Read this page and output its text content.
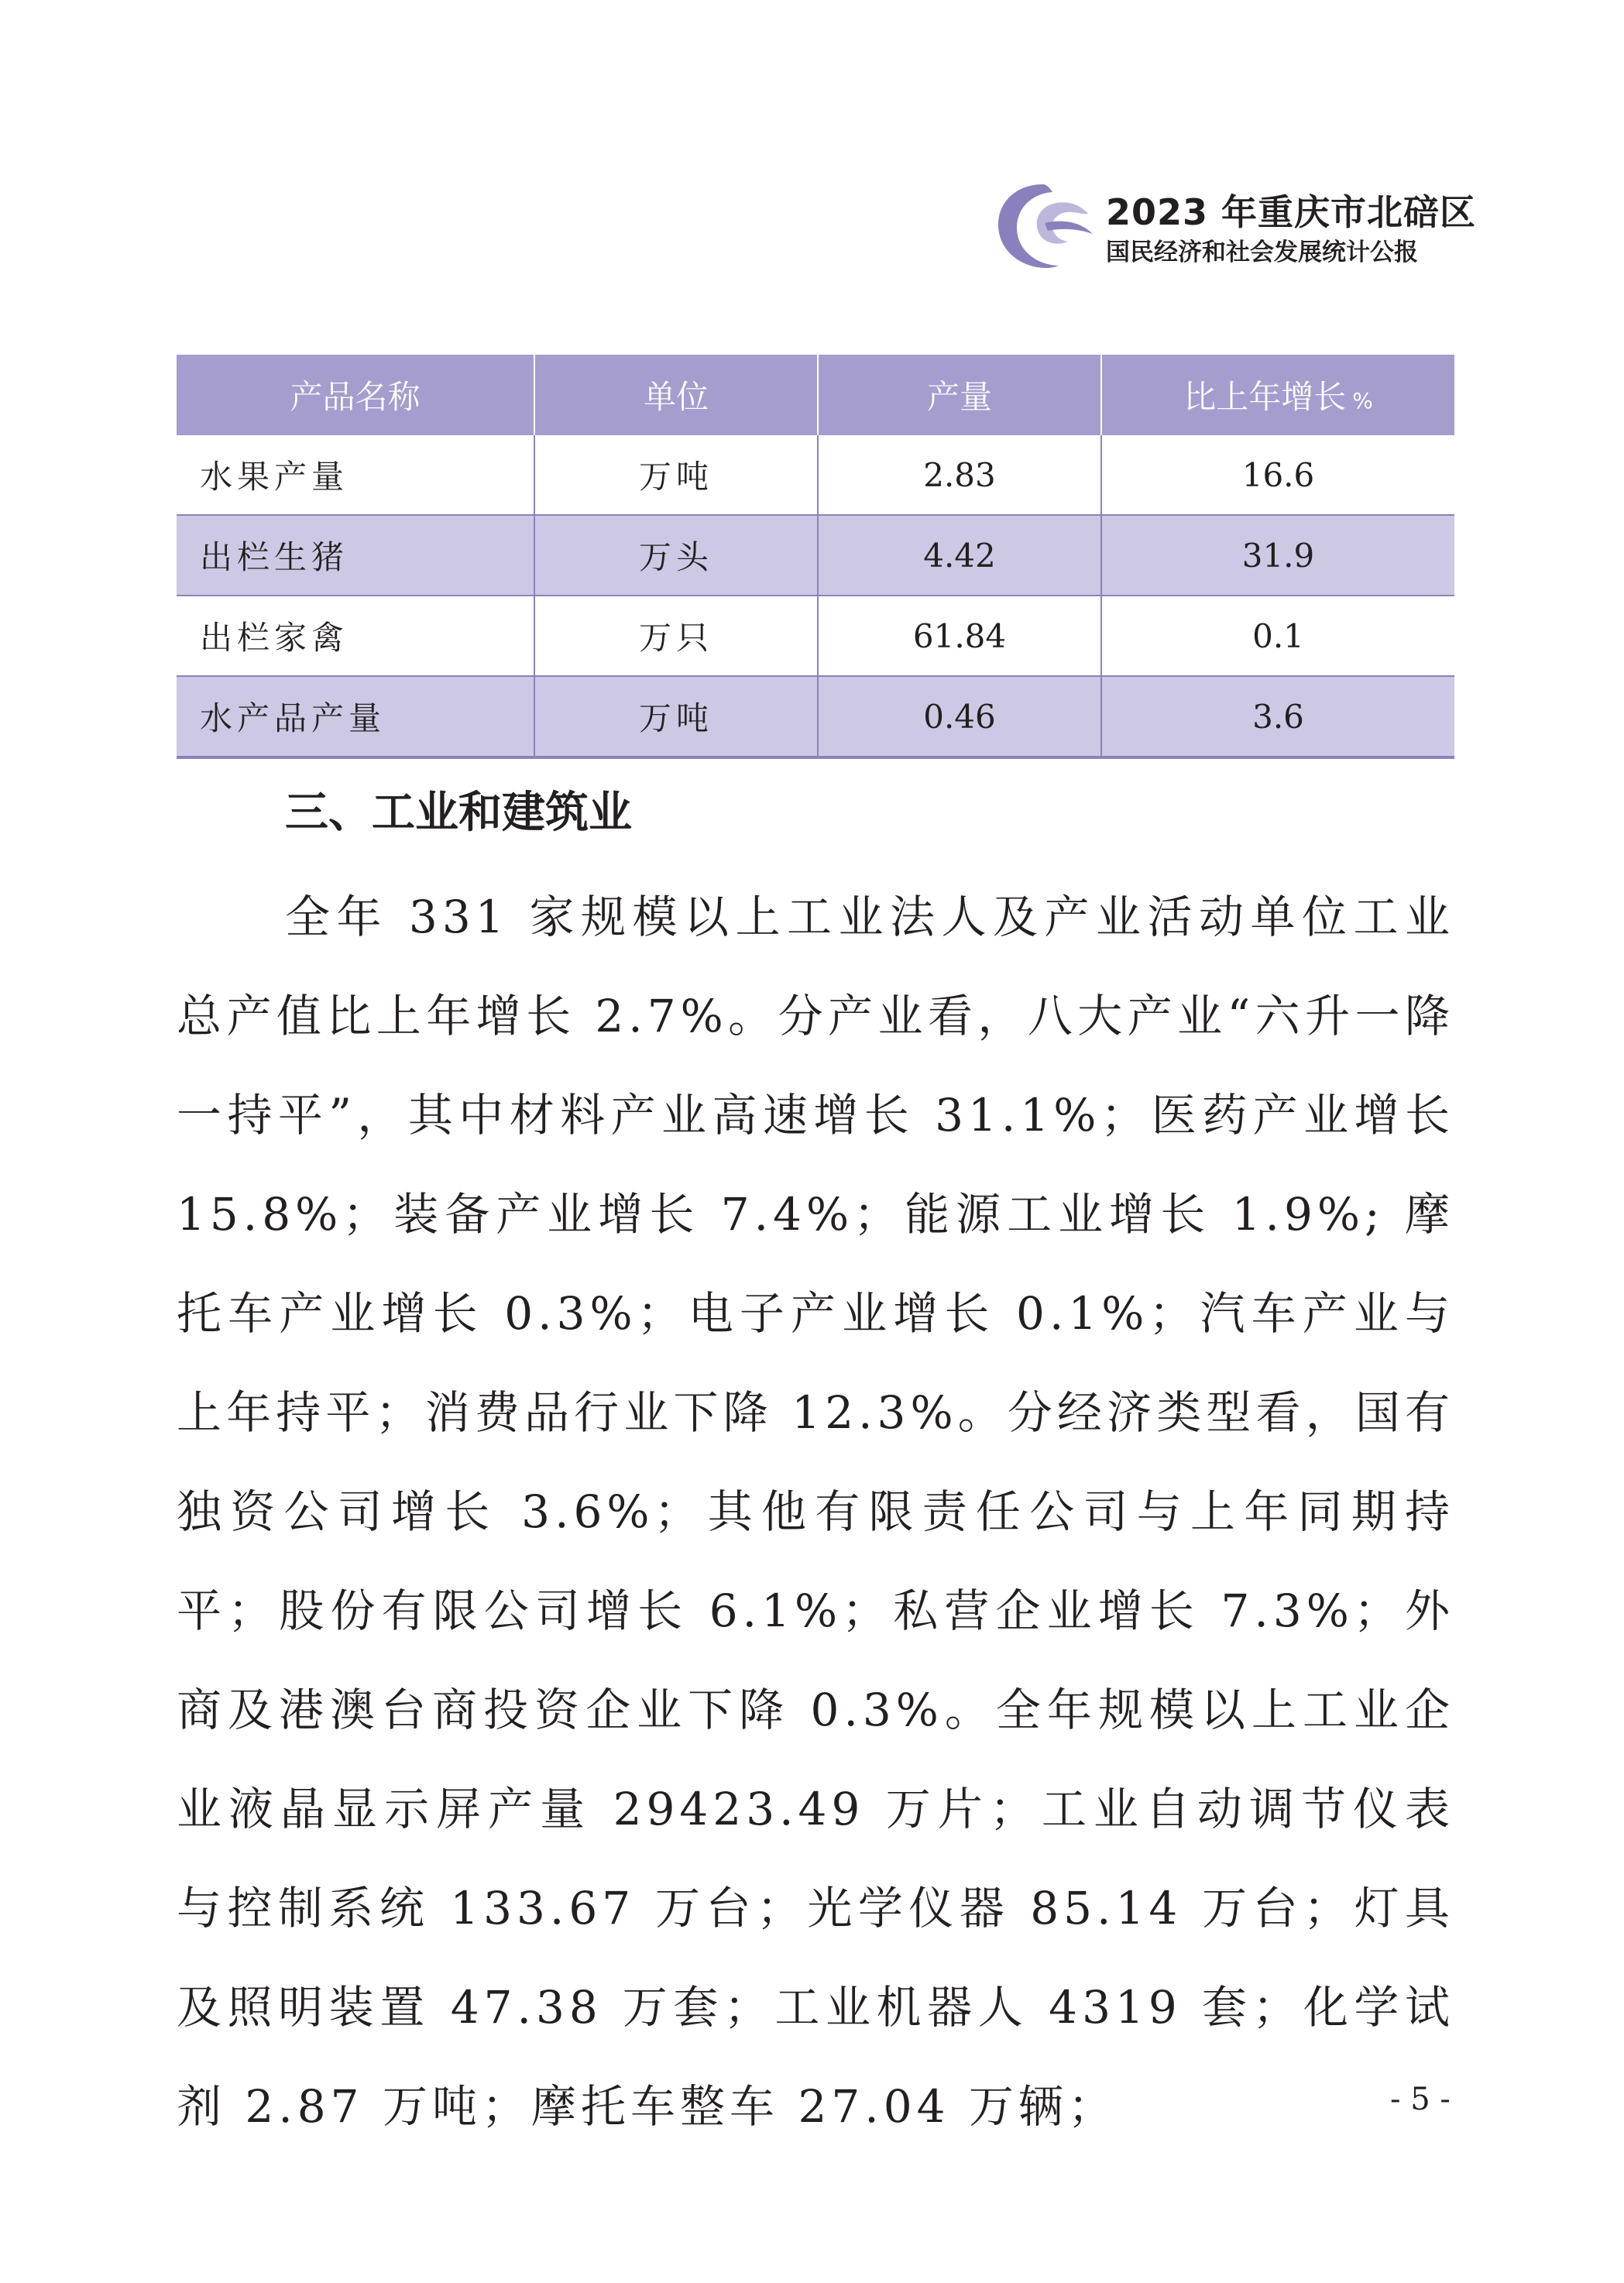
2023 年重庆市北碚区
国民经济和社会发展统计公报
产品名称	单位	产量	比上年增长 %
水果产量	万吨	2.83	16.6
出栏生猪	万头	4.42	31.9
出栏家禽	万只	61.84	0.1
水产品产量	万吨	0.46	3.6
三、工业和建筑业

全年 331 家规模以上工业法人及产业活动单位工业总产值比上年增长 2.7%。分产业看，八大产业“六升一降一持平”，其中材料产业高速增长 31.1%；医药产业增长 15.8%；装备产业增长 7.4%；能源工业增长 1.9%; 摩托车产业增长 0.3%；电子产业增长 0.1%；汽车产业与上年持平；消费品行业下降 12.3%。分经济类型看，国有独资公司增长 3.6%；其他有限责任公司与上年同期持平；股份有限公司增长 6.1%；私营企业增长 7.3%；外商及港澳台商投资企业下降 0.3%。全年规模以上工业企业液晶显示屏产量 29423.49 万片；工业自动调节仪表与控制系统 133.67 万台；光学仪器 85.14 万台；灯具及照明装置 47.38 万套；工业机器人 4319 套；化学试剂 2.87 万吨；摩托车整车 27.04 万辆；	- 5 -
